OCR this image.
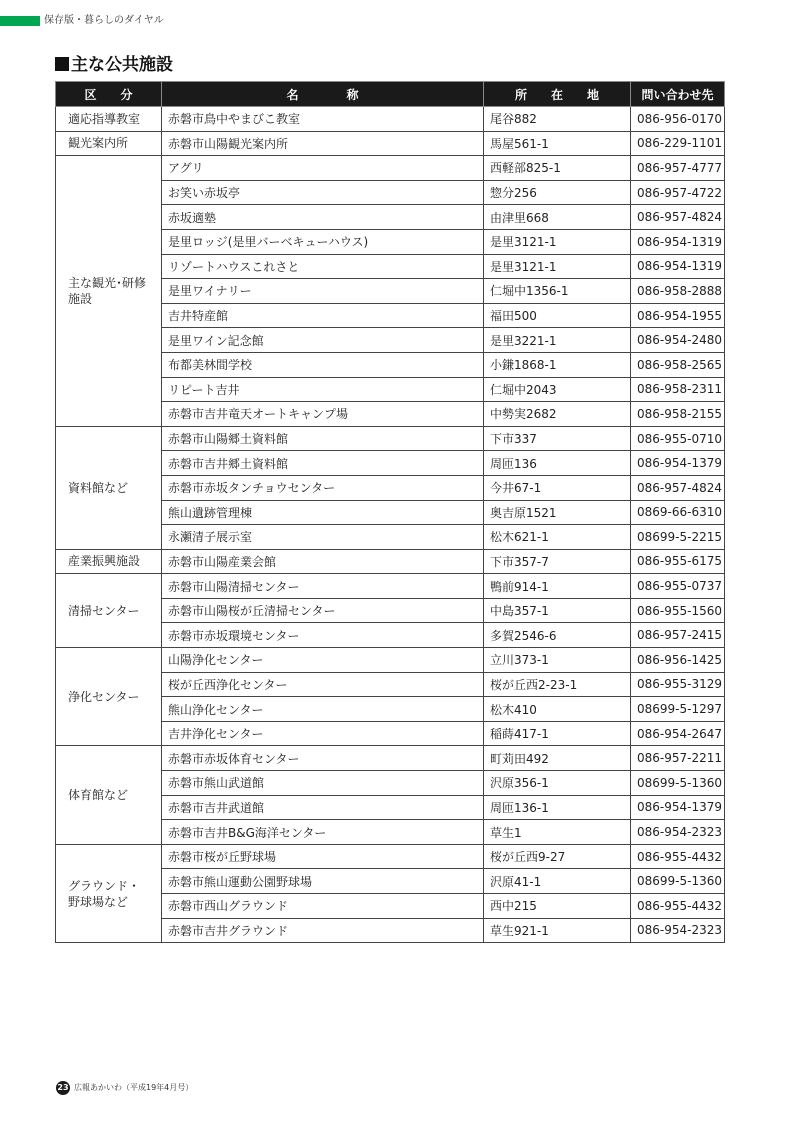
保存版・暮らしのダイヤル
主な公共施設
区　　分	名　　　　称	所　　在　　地	問い合わせ先
適応指導教室	赤磐市鳥中やまびこ教室	尾谷882	086-956-0170
観光案内所	赤磐市山陽観光案内所	馬屋561-1	086-229-1101
主な観光･研修
施設	アグリ	西軽部825-1	086-957-4777
	お笑い赤坂亭	惣分256	086-957-4722
	赤坂適塾	由津里668	086-957-4824
	是里ロッジ(是里バーベキューハウス)	是里3121-1	086-954-1319
	リゾートハウスこれさと	是里3121-1	086-954-1319
	是里ワイナリー	仁堀中1356-1	086-958-2888
	吉井特産館	福田500	086-954-1955
	是里ワイン記念館	是里3221-1	086-954-2480
	布都美林間学校	小鎌1868-1	086-958-2565
	リピート吉井	仁堀中2043	086-958-2311
	赤磐市吉井竜天オートキャンプ場	中勢実2682	086-958-2155
資料館など	赤磐市山陽郷土資料館	下市337	086-955-0710
	赤磐市吉井郷土資料館	周匝136	086-954-1379
	赤磐市赤坂タンチョウセンター	今井67-1	086-957-4824
	熊山遺跡管理棟	奥吉原1521	0869-66-6310
	永瀬清子展示室	松木621-1	08699-5-2215
産業振興施設	赤磐市山陽産業会館	下市357-7	086-955-6175
清掃センター	赤磐市山陽清掃センター	鴨前914-1	086-955-0737
	赤磐市山陽桜が丘清掃センター	中島357-1	086-955-1560
	赤磐市赤坂環境センター	多賀2546-6	086-957-2415
浄化センター	山陽浄化センター	立川373-1	086-956-1425
	桜が丘西浄化センター	桜が丘西2-23-1	086-955-3129
	熊山浄化センター	松木410	08699-5-1297
	吉井浄化センター	稲蒔417-1	086-954-2647
体育館など	赤磐市赤坂体育センター	町苅田492	086-957-2211
	赤磐市熊山武道館	沢原356-1	08699-5-1360
	赤磐市吉井武道館	周匝136-1	086-954-1379
	赤磐市吉井B&G海洋センター	草生1	086-954-2323
グラウンド・
野球場など	赤磐市桜が丘野球場	桜が丘西9-27	086-955-4432
	赤磐市熊山運動公園野球場	沢原41-1	08699-5-1360
	赤磐市西山グラウンド	西中215	086-955-4432
	赤磐市吉井グラウンド	草生921-1	086-954-2323
23 広報あかいわ（平成19年4月号）
